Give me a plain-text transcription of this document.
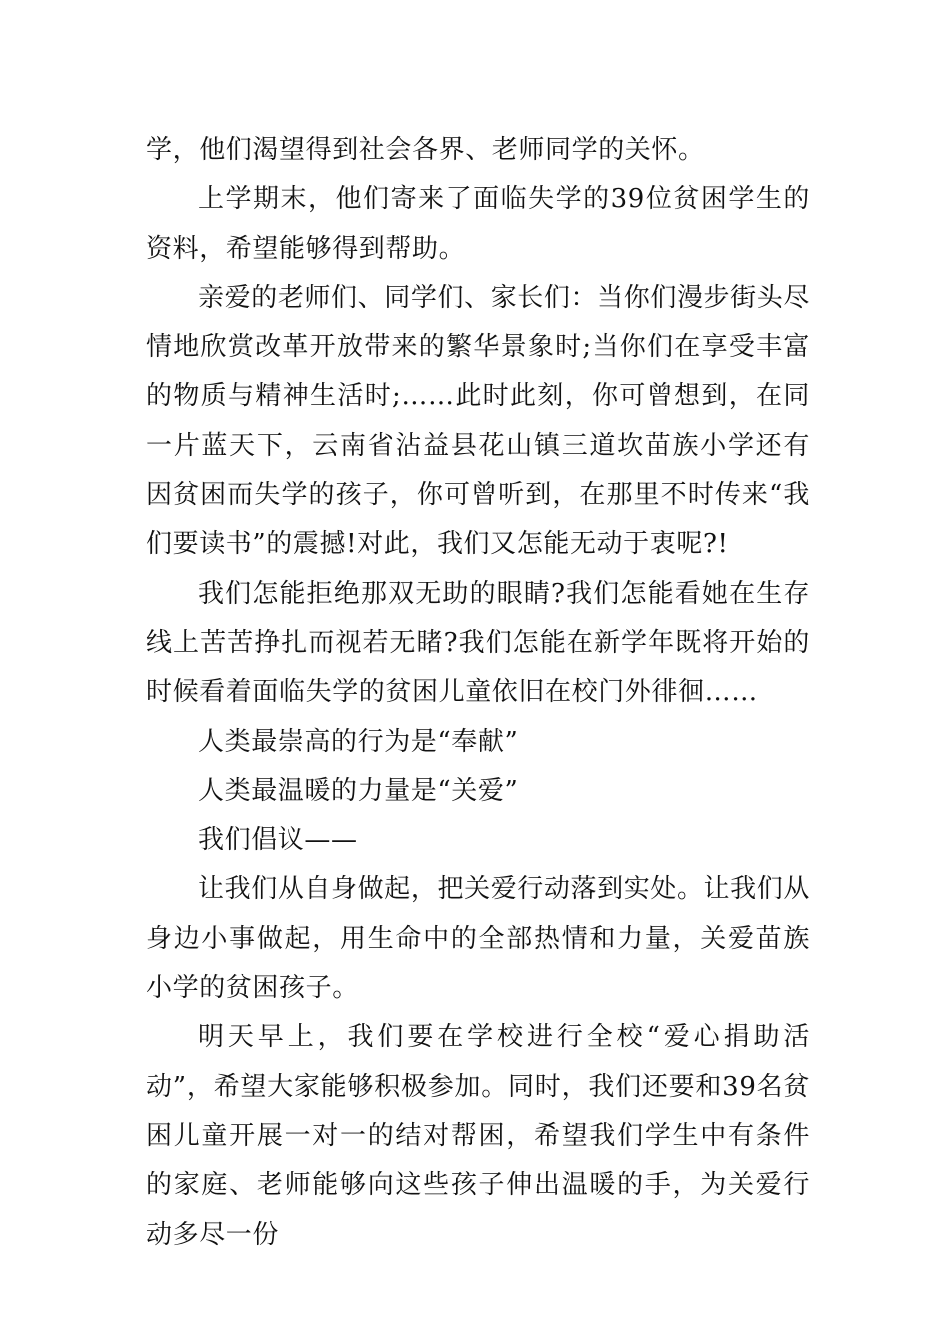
学，他们渴望得到社会各界、老师同学的关怀。

上学期末，他们寄来了面临失学的39位贫困学生的资料，希望能够得到帮助。

亲爱的老师们、同学们、家长们：当你们漫步街头尽情地欣赏改革开放带来的繁华景象时;当你们在享受丰富的物质与精神生活时;……此时此刻，你可曾想到，在同一片蓝天下，云南省沾益县花山镇三道坎苗族小学还有因贫困而失学的孩子，你可曾听到，在那里不时传来“我们要读书”的震撼!对此，我们又怎能无动于衷呢?!

我们怎能拒绝那双无助的眼睛?我们怎能看她在生存线上苦苦挣扎而视若无睹?我们怎能在新学年既将开始的时候看着面临失学的贫困儿童依旧在校门外徘徊……

人类最崇高的行为是“奉献”

人类最温暖的力量是“关爱”

我们倡议——

让我们从自身做起，把关爱行动落到实处。让我们从身边小事做起，用生命中的全部热情和力量，关爱苗族小学的贫困孩子。

明天早上，我们要在学校进行全校“爱心捐助活动”，希望大家能够积极参加。同时，我们还要和39名贫困儿童开展一对一的结对帮困，希望我们学生中有条件的家庭、老师能够向这些孩子伸出温暖的手，为关爱行动多尽一份
